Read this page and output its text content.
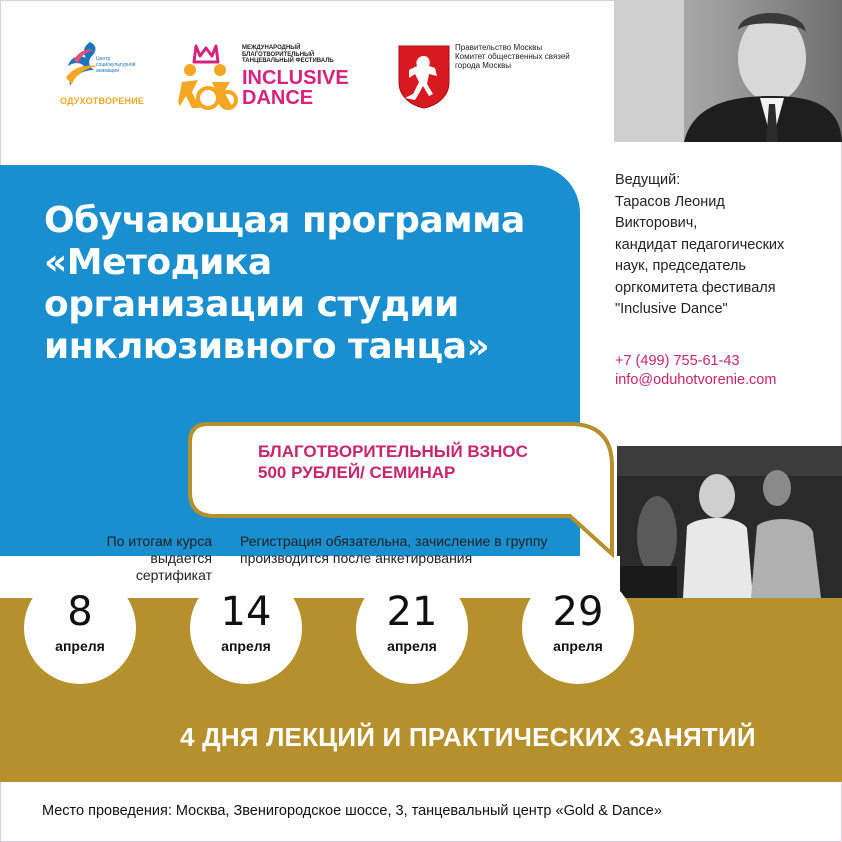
Центр
социокультурной
анимации
ОДУХОТВОРЕНИЕ
МЕЖДУНАРОДНЫЙ
БЛАГОТВОРИТЕЛЬНЫЙ
ТАНЦЕВАЛЬНЫЙ ФЕСТИВАЛЬ
INCLUSIVE
DANCE
Правительство Москвы
Комитет общественных связей
города Москвы
Обучающая программа
«Методика
организации студии
инклюзивного танца»
Ведущий:
Тарасов Леонид
Викторович,
кандидат педагогических
наук, председатель
оргкомитета фестиваля
"Inclusive Dance"
+7 (499) 755-61-43
info@oduhotvorenie.com
БЛАГОТВОРИТЕЛЬНЫЙ ВЗНОС
500 РУБЛЕЙ/ СЕМИНАР
По итогам курса
выдается сертификат
Регистрация обязательна, зачисление в группу
производится после анкетирования
8
апреля
14
апреля
21
апреля
29
апреля
4 ДНЯ ЛЕКЦИЙ И ПРАКТИЧЕСКИХ ЗАНЯТИЙ
Место проведения: Москва, Звенигородское шоссе, 3, танцевальный центр «Gold & Dance»
